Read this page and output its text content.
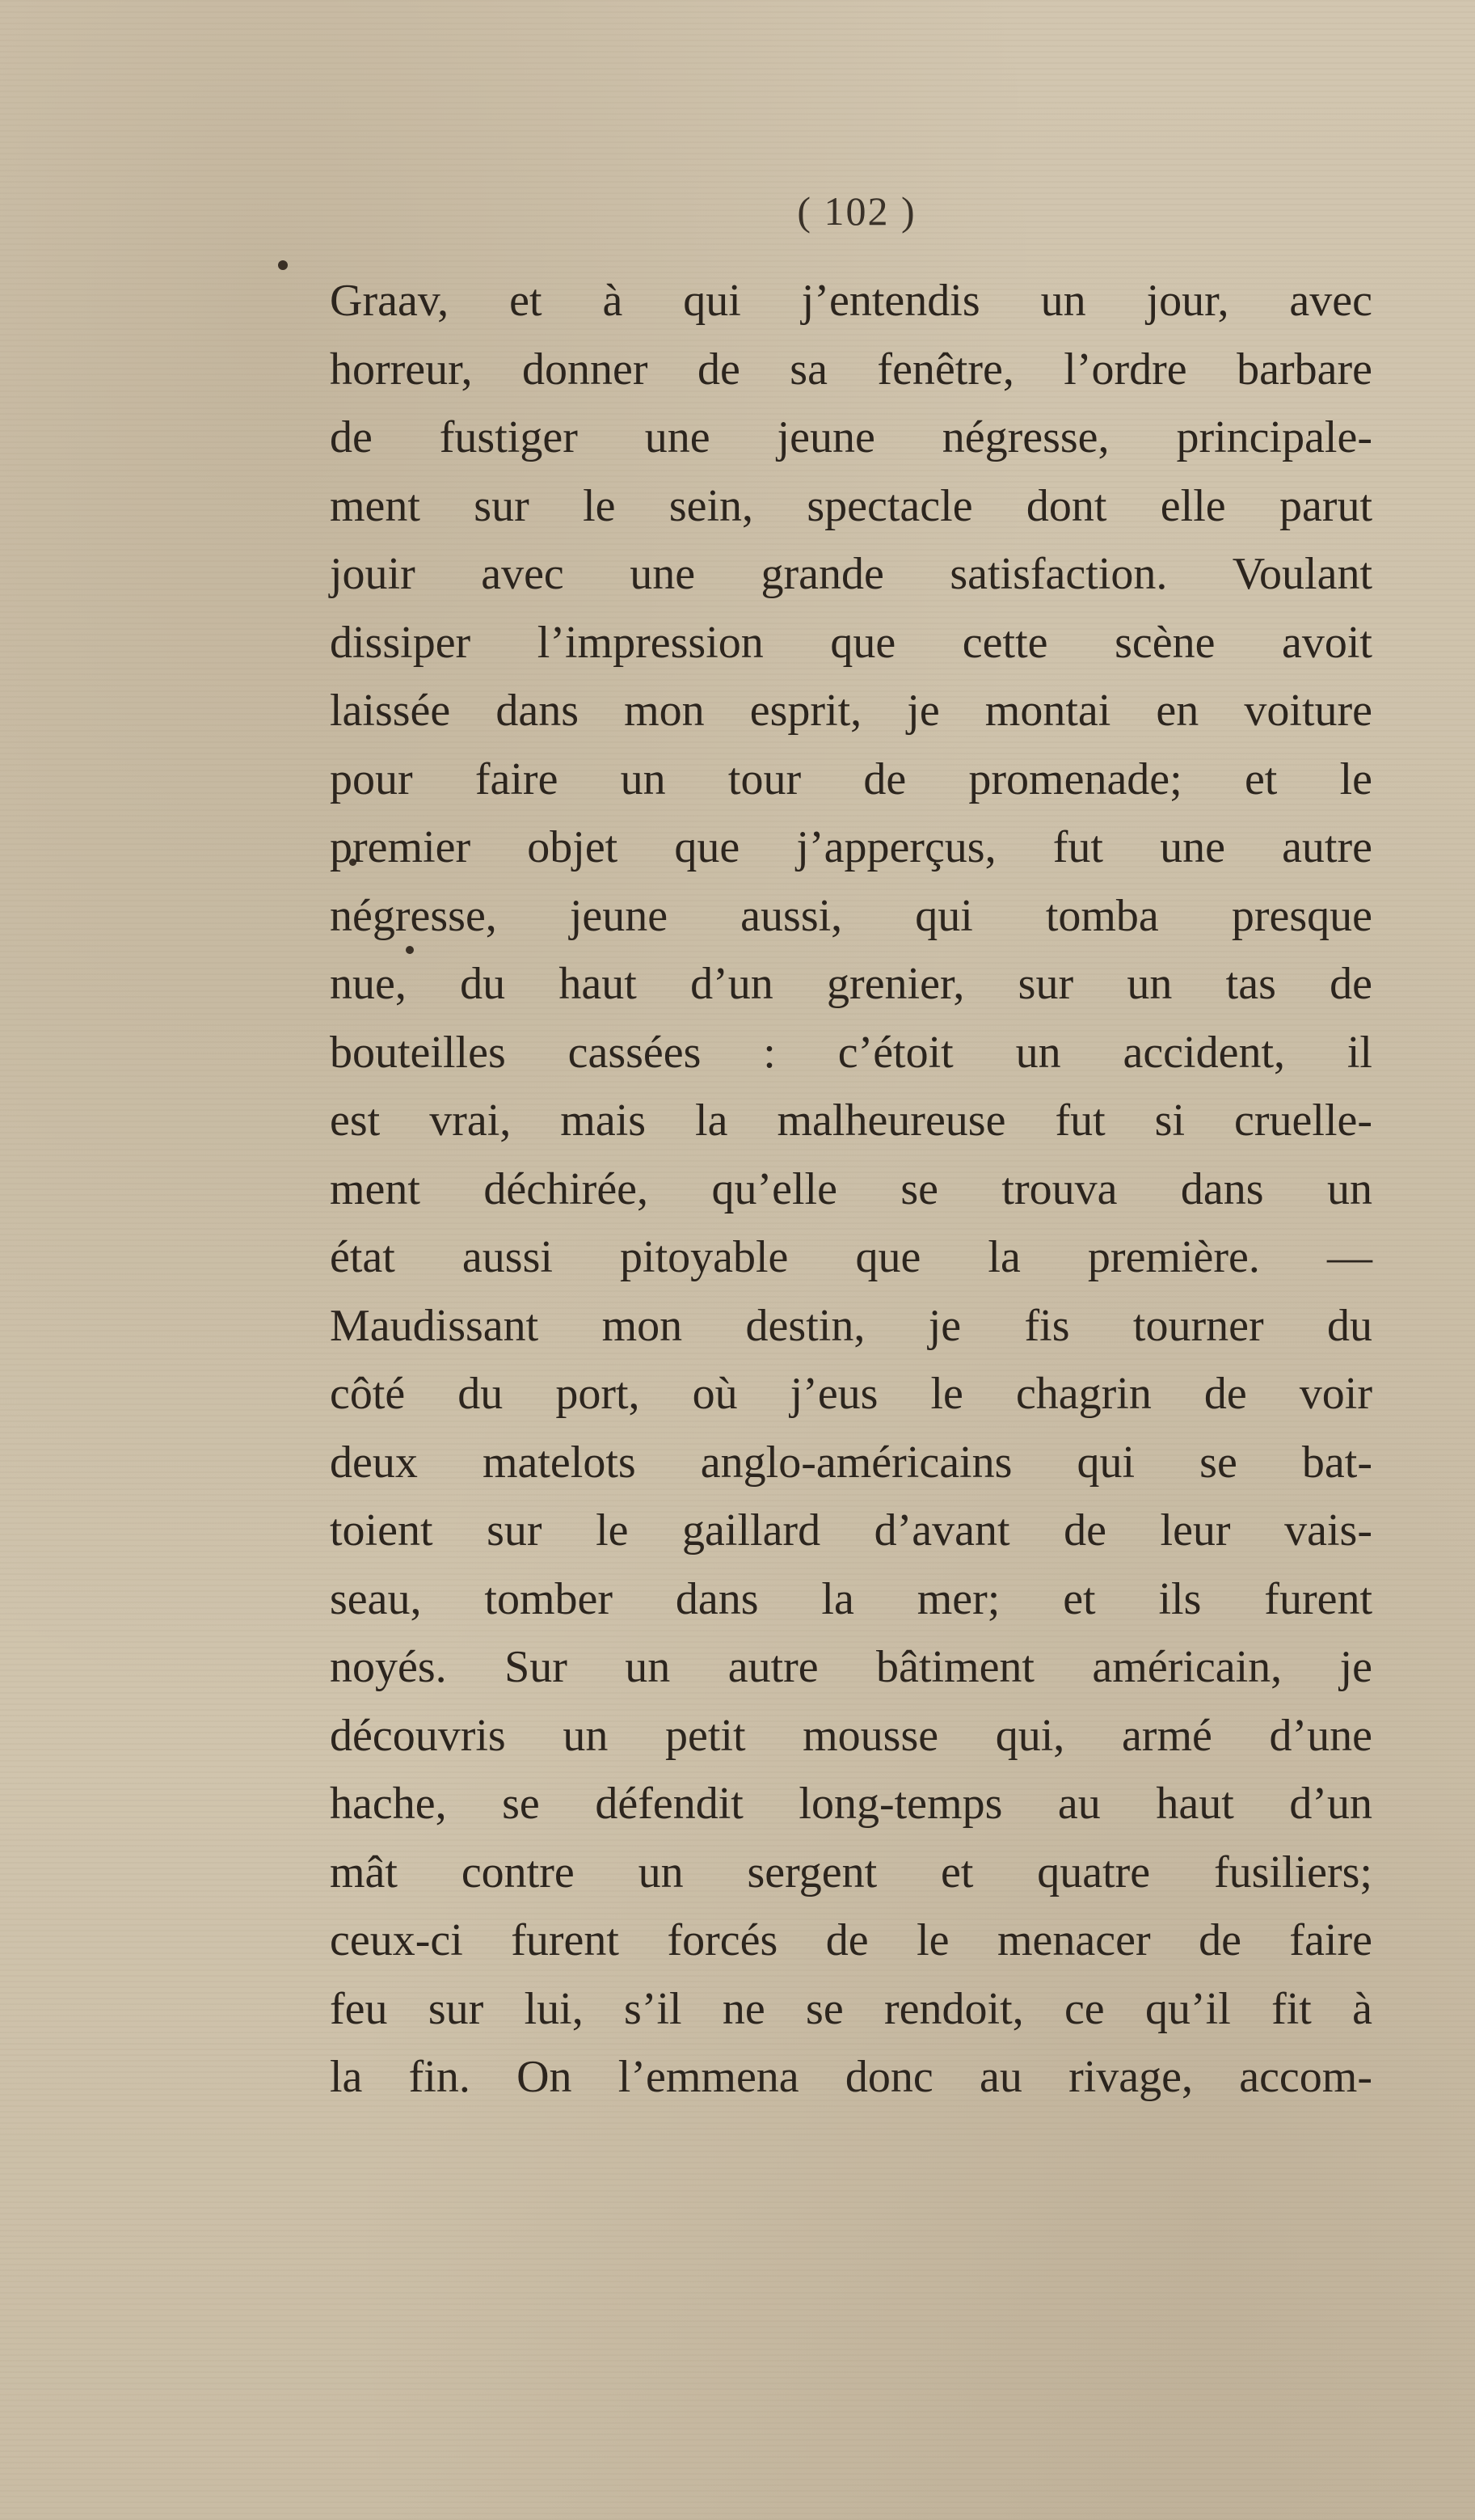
( 102 )
Graav, et à qui j’entendis un jour, avec
horreur, donner de sa fenêtre, l’ordre barbare
de fustiger une jeune négresse, principale-
ment sur le sein, spectacle dont elle parut
jouir avec une grande satisfaction. Voulant
dissiper l’impression que cette scène avoit
laissée dans mon esprit, je montai en voiture
pour faire un tour de promenade; et le
premier objet que j’apperçus, fut une autre
négresse, jeune aussi, qui tomba presque
nue, du haut d’un grenier, sur un tas de
bouteilles cassées : c’étoit un accident, il
est vrai, mais la malheureuse fut si cruelle-
ment déchirée, qu’elle se trouva dans un
état aussi pitoyable que la première. —
Maudissant mon destin, je fis tourner du
côté du port, où j’eus le chagrin de voir
deux matelots anglo-américains qui se bat-
toient sur le gaillard d’avant de leur vais-
seau, tomber dans la mer; et ils furent
noyés. Sur un autre bâtiment américain, je
découvris un petit mousse qui, armé d’une
hache, se défendit long-temps au haut d’un
mât contre un sergent et quatre fusiliers;
ceux-ci furent forcés de le menacer de faire
feu sur lui, s’il ne se rendoit, ce qu’il fit à
la fin. On l’emmena donc au rivage, accom-
